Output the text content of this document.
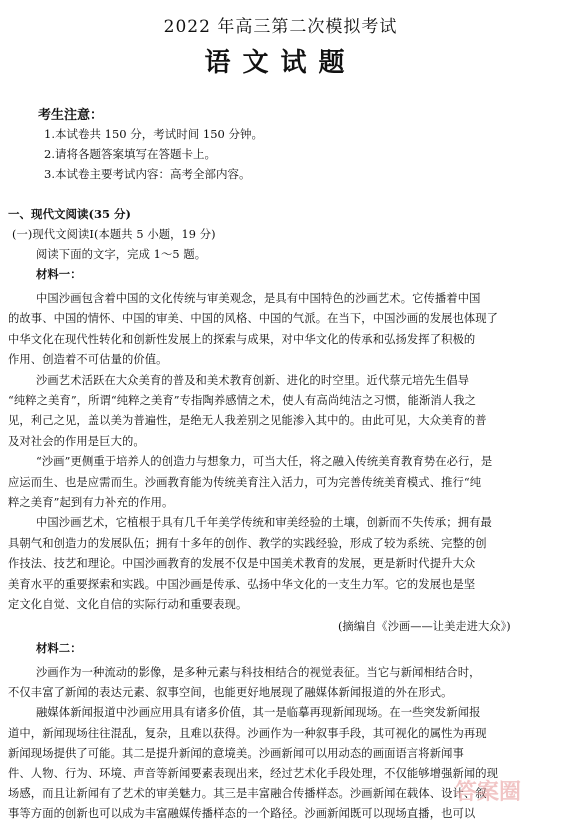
2022 年高三第二次模拟考试
语文试题
考生注意：
1.本试卷共 150 分，考试时间 150 分钟。
2.请将各题答案填写在答题卡上。
3.本试卷主要考试内容：高考全部内容。
一、现代文阅读(35 分)
(一)现代文阅读Ⅰ(本题共 5 小题，19 分)
阅读下面的文字，完成 1～5 题。
材料一：
中国沙画包含着中国的文化传统与审美观念，是具有中国特色的沙画艺术。它传播着中国
的故事、中国的情怀、中国的审美、中国的风格、中国的气派。在当下，中国沙画的发展也体现了
中华文化在现代性转化和创新性发展上的探索与成果，对中华文化的传承和弘扬发挥了积极的
作用、创造着不可估量的价值。
沙画艺术活跃在大众美育的普及和美术教育创新、进化的时空里。近代蔡元培先生倡导
“纯粹之美育”，所谓“纯粹之美育”专指陶养感情之术，使人有高尚纯洁之习惯，能渐消人我之
见，利己之见，盖以美为普遍性，是绝无人我差别之见能渗入其中的。由此可见，大众美育的普
及对社会的作用是巨大的。
“沙画”更侧重于培养人的创造力与想象力，可当大任，将之融入传统美育教育势在必行，是
应运而生、也是应需而生。沙画教育能为传统美育注入活力，可为完善传统美育模式、推行“纯
粹之美育”起到有力补充的作用。
中国沙画艺术，它植根于具有几千年美学传统和审美经验的土壤，创新而不失传承；拥有最
具朝气和创造力的发展队伍；拥有十多年的创作、教学的实践经验，形成了较为系统、完整的创
作技法、技艺和理论。中国沙画教育的发展不仅是中国美术教育的发展，更是新时代提升大众
美育水平的重要探索和实践。中国沙画是传承、弘扬中华文化的一支生力军。它的发展也是坚
定文化自觉、文化自信的实际行动和重要表现。
(摘编自《沙画——让美走进大众》)
材料二：
沙画作为一种流动的影像，是多种元素与科技相结合的视觉表征。当它与新闻相结合时，
不仅丰富了新闻的表达元素、叙事空间，也能更好地展现了融媒体新闻报道的外在形式。
融媒体新闻报道中沙画应用具有诸多价值，其一是临摹再现新闻现场。在一些突发新闻报
道中，新闻现场往往混乱，复杂，且难以获得。沙画作为一种叙事手段，其可视化的属性为再现
新闻现场提供了可能。其二是提升新闻的意境美。沙画新闻可以用动态的画面语言将新闻事
件、人物、行为、环境、声音等新闻要素表现出来，经过艺术化手段处理，不仅能够增强新闻的现
场感，而且让新闻有了艺术的审美魅力。其三是丰富融合传播样态。沙画新闻在载体、设计、叙
事等方面的创新也可以成为丰富融媒传播样态的一个路径。沙画新闻既可以现场直播，也可以
答案圈
